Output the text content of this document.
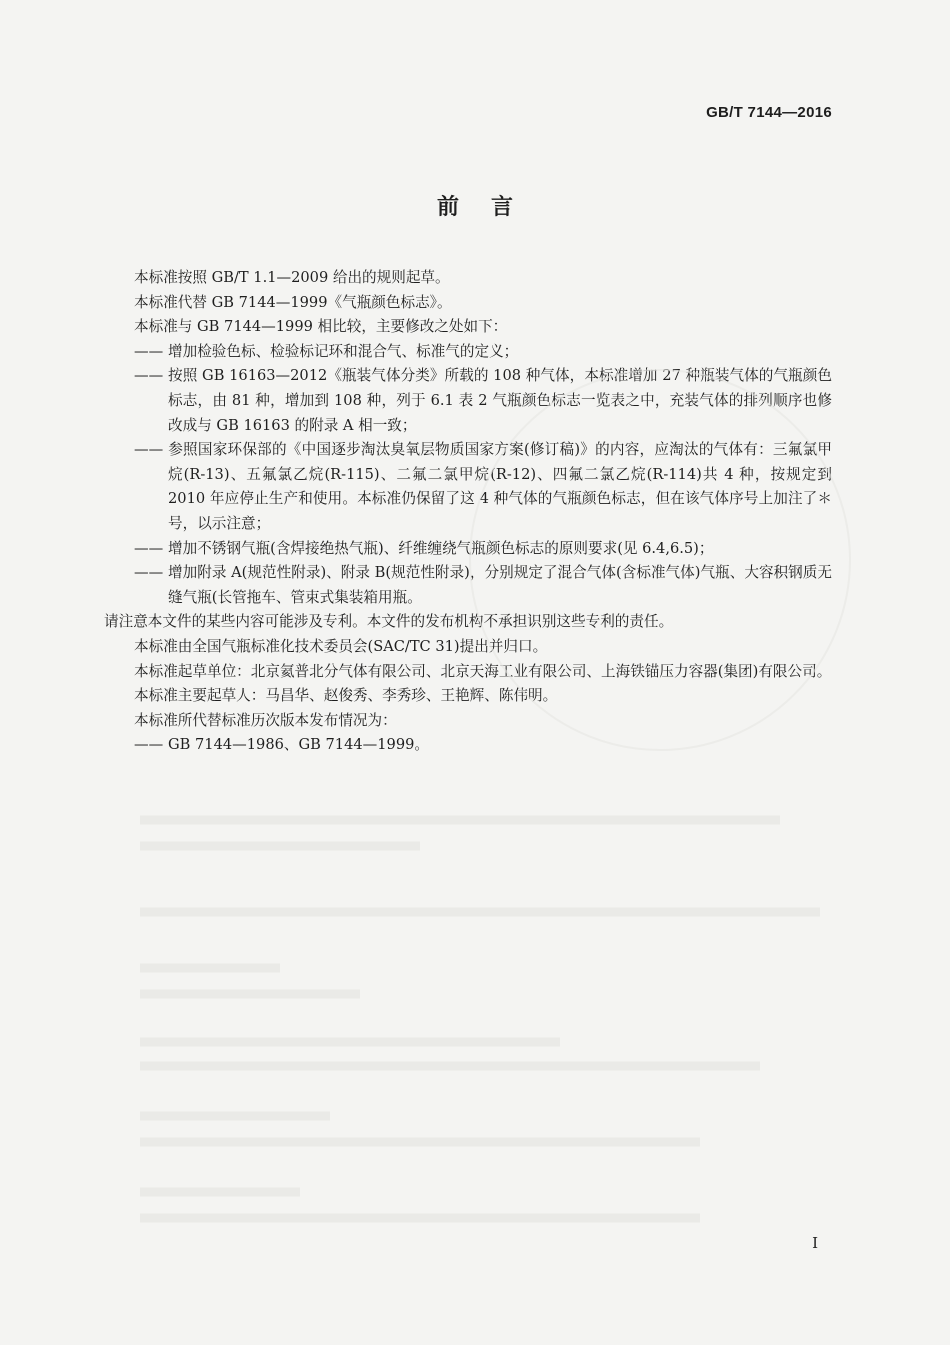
GB/T 7144—2016
前言

本标准按照 GB/T 1.1—2009 给出的规则起草。

本标准代替 GB 7144—1999《气瓶颜色标志》。

本标准与 GB 7144—1999 相比较，主要修改之处如下：

—— 增加检验色标、检验标记环和混合气、标准气的定义；

—— 按照 GB 16163—2012《瓶装气体分类》所载的 108 种气体，本标准增加 27 种瓶装气体的气瓶颜色标志，由 81 种，增加到 108 种，列于 6.1 表 2 气瓶颜色标志一览表之中，充装气体的排列顺序也修改成与 GB 16163 的附录 A 相一致；

—— 参照国家环保部的《中国逐步淘汰臭氧层物质国家方案(修订稿)》的内容，应淘汰的气体有：三氟氯甲烷(R-13)、五氟氯乙烷(R-115)、二氟二氯甲烷(R-12)、四氟二氯乙烷(R-114)共 4 种，按规定到 2010 年应停止生产和使用。本标准仍保留了这 4 种气体的气瓶颜色标志，但在该气体序号上加注了＊号，以示注意；

—— 增加不锈钢气瓶(含焊接绝热气瓶)、纤维缠绕气瓶颜色标志的原则要求(见 6.4,6.5)；

—— 增加附录 A(规范性附录)、附录 B(规范性附录)，分别规定了混合气体(含标准气体)气瓶、大容积钢质无缝气瓶(长管拖车、管束式集装箱用瓶。

请注意本文件的某些内容可能涉及专利。本文件的发布机构不承担识别这些专利的责任。

本标准由全国气瓶标准化技术委员会(SAC/TC 31)提出并归口。

本标准起草单位：北京氦普北分气体有限公司、北京天海工业有限公司、上海铁锚压力容器(集团)有限公司。

本标准主要起草人：马昌华、赵俊秀、李秀珍、王艳辉、陈伟明。

本标准所代替标准历次版本发布情况为：

—— GB 7144—1986、GB 7144—1999。

I
